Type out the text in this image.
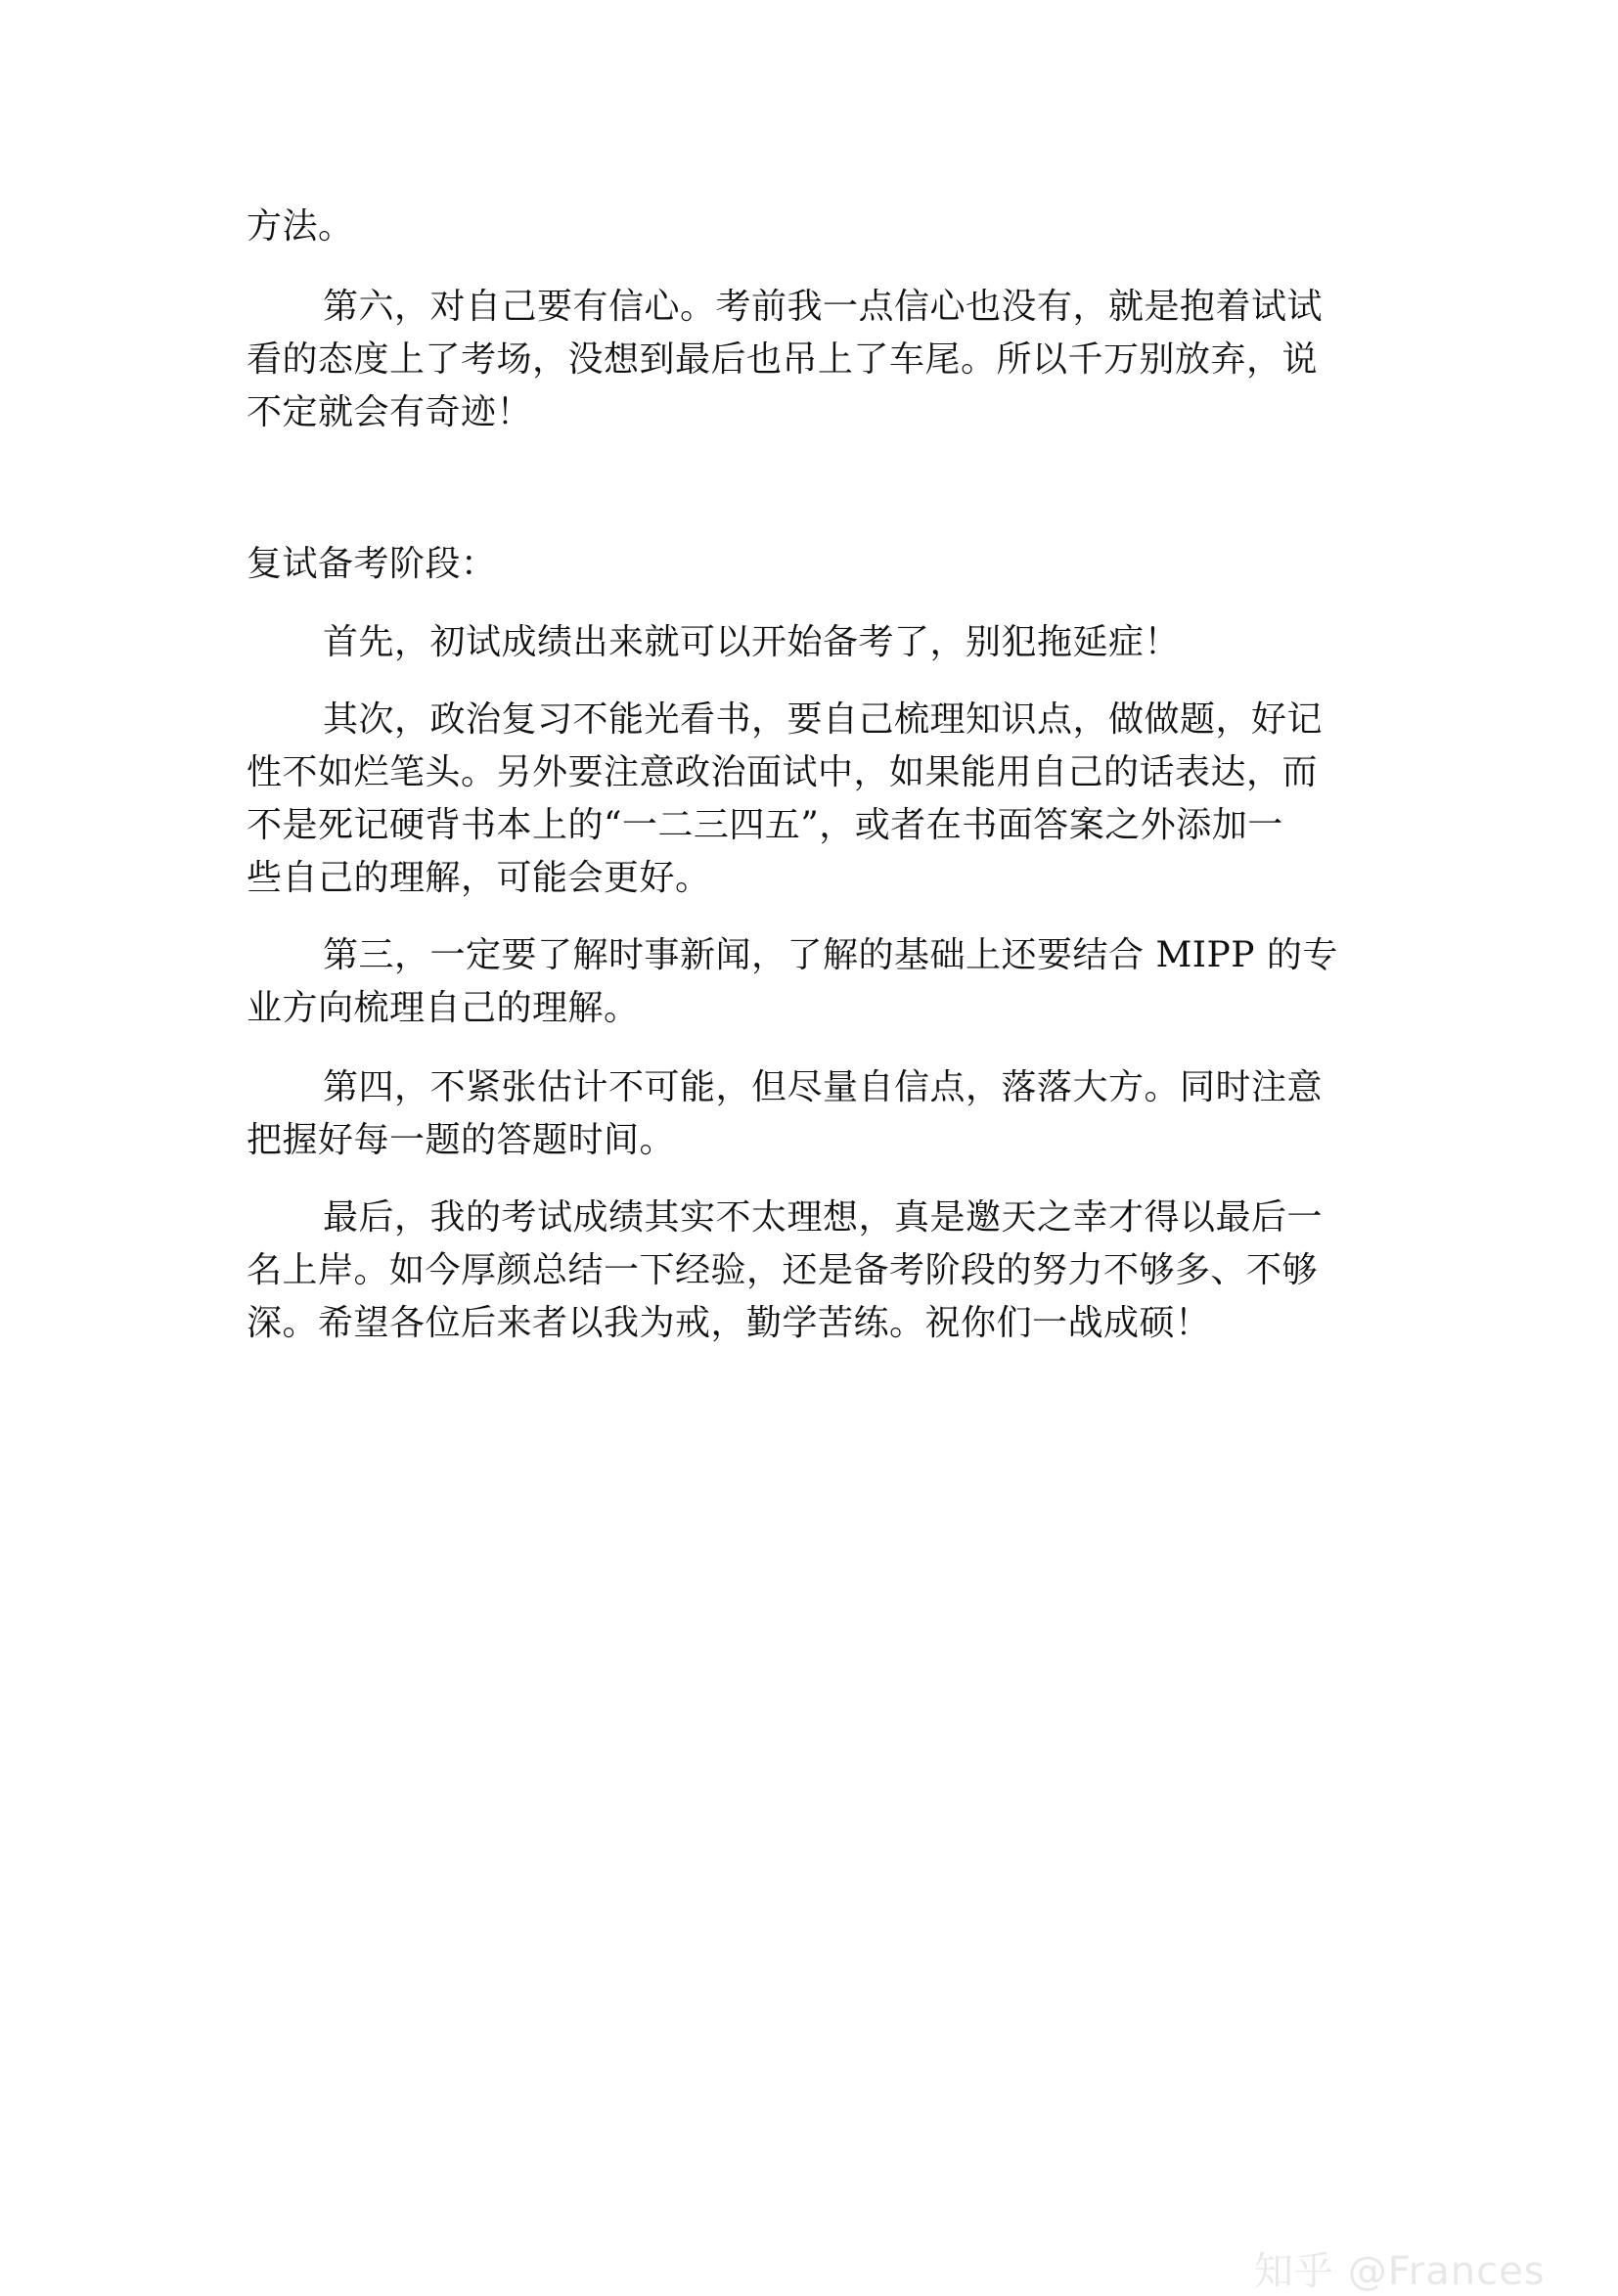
方法。
第六，对自己要有信心。考前我一点信心也没有，就是抱着试试
看的态度上了考场，没想到最后也吊上了车尾。所以千万别放弃，说
不定就会有奇迹！
复试备考阶段：
首先，初试成绩出来就可以开始备考了，别犯拖延症！
其次，政治复习不能光看书，要自己梳理知识点，做做题，好记
性不如烂笔头。另外要注意政治面试中，如果能用自己的话表达，而
不是死记硬背书本上的“一二三四五”，或者在书面答案之外添加一
些自己的理解，可能会更好。
第三，一定要了解时事新闻，了解的基础上还要结合 MIPP 的专
业方向梳理自己的理解。
第四，不紧张估计不可能，但尽量自信点，落落大方。同时注意
把握好每一题的答题时间。
最后，我的考试成绩其实不太理想，真是邀天之幸才得以最后一
名上岸。如今厚颜总结一下经验，还是备考阶段的努力不够多、不够
深。希望各位后来者以我为戒，勤学苦练。祝你们一战成硕！
知乎 @Frances
